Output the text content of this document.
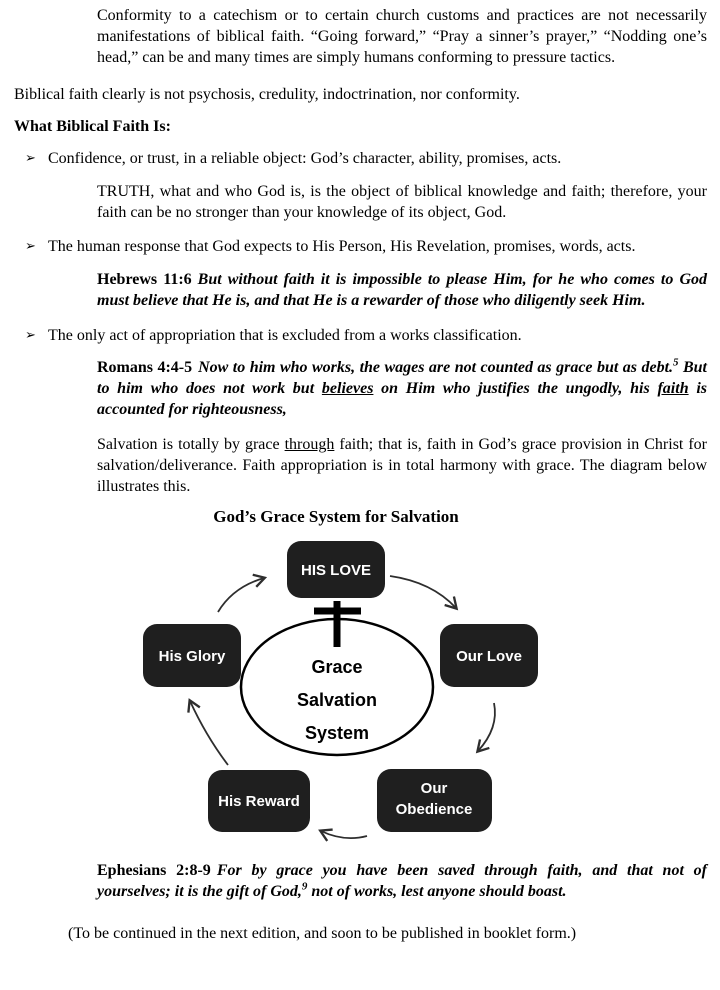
Conformity to a catechism or to certain church customs and practices are not necessarily manifestations of biblical faith. “Going forward,” “Pray a sinner’s prayer,” “Nodding one’s head,” can be and many times are simply humans conforming to pressure tactics.
Biblical faith clearly is not psychosis, credulity, indoctrination, nor conformity.
What Biblical Faith Is:
➢ Confidence, or trust, in a reliable object: God’s character, ability, promises, acts.
TRUTH, what and who God is, is the object of biblical knowledge and faith; therefore, your faith can be no stronger than your knowledge of its object, God.
➢ The human response that God expects to His Person, His Revelation, promises, words, acts.
Hebrews 11:6 But without faith it is impossible to please Him, for he who comes to God must believe that He is, and that He is a rewarder of those who diligently seek Him.
➢ The only act of appropriation that is excluded from a works classification.
Romans 4:4-5 Now to him who works, the wages are not counted as grace but as debt.$^5$ But to him who does not work but believes on Him who justifies the ungodly, his faith is accounted for righteousness,
Salvation is totally by grace through faith; that is, faith in God’s grace provision in Christ for salvation/deliverance. Faith appropriation is in total harmony with grace. The diagram below illustrates this.
God’s Grace System for Salvation
Grace
Salvation
System
HIS LOVE
His Glory	Our Love
His Reward
Our
Obedience
Ephesians 2:8-9 For by grace you have been saved through faith, and that not of yourselves; it is the gift of God,$^9$ not of works, lest anyone should boast.
(To be continued in the next edition, and soon to be published in booklet form.)
